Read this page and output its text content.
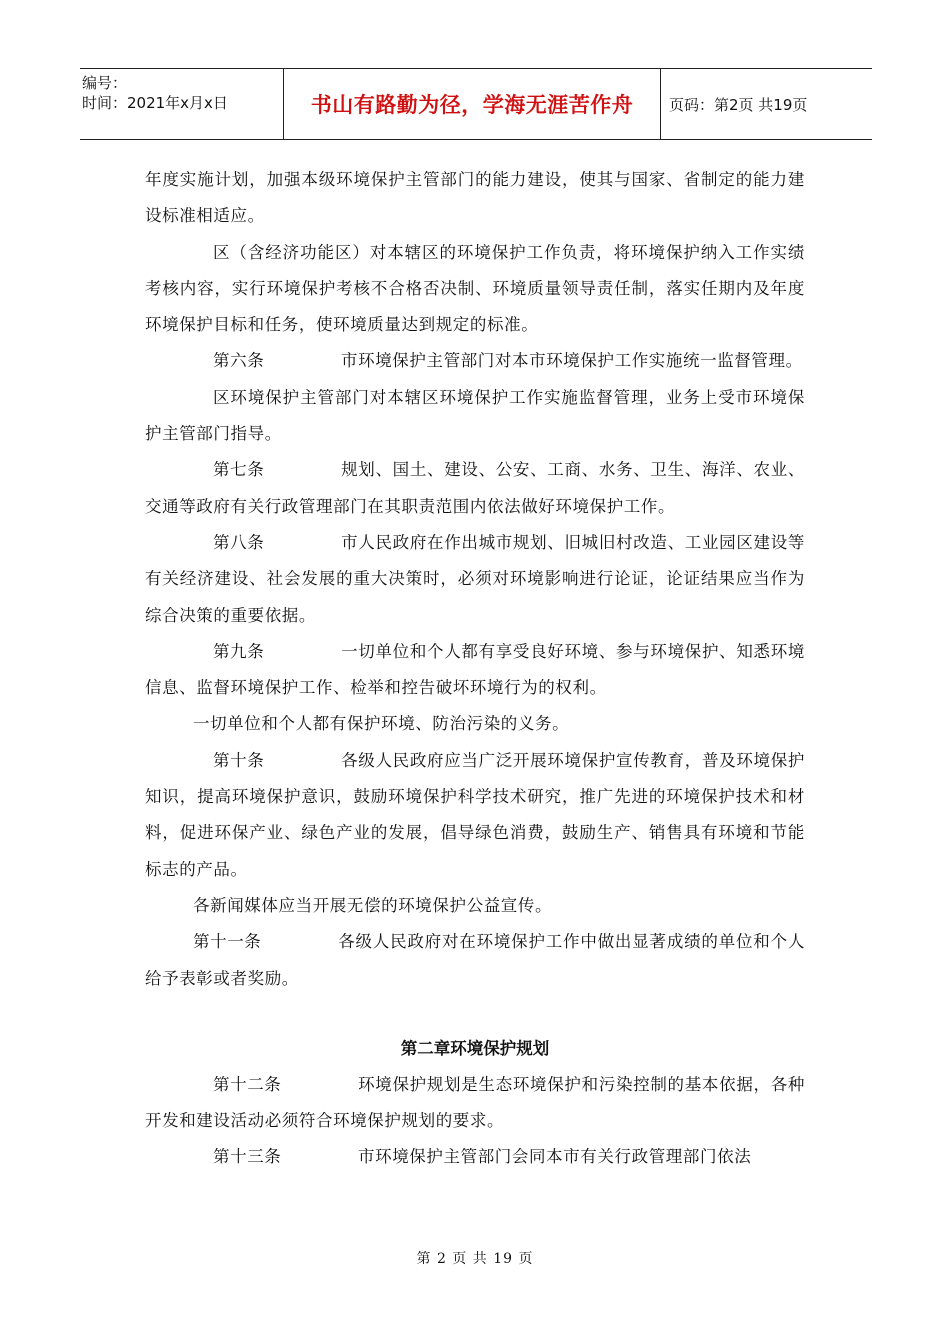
编号：
时间：2021年x月x日	书山有路勤为径，学海无涯苦作舟	页码：第2页 共19页

年度实施计划，加强本级环境保护主管部门的能力建设，使其与国家、省制定的能力建设标准相适应。

区（含经济功能区）对本辖区的环境保护工作负责，将环境保护纳入工作实绩考核内容，实行环境保护考核不合格否决制、环境质量领导责任制，落实任期内及年度环境保护目标和任务，使环境质量达到规定的标准。

第六条	市环境保护主管部门对本市环境保护工作实施统一监督管理。

区环境保护主管部门对本辖区环境保护工作实施监督管理，业务上受市环境保护主管部门指导。

第七条	规划、国土、建设、公安、工商、水务、卫生、海洋、农业、交通等政府有关行政管理部门在其职责范围内依法做好环境保护工作。

第八条	市人民政府在作出城市规划、旧城旧村改造、工业园区建设等有关经济建设、社会发展的重大决策时，必须对环境影响进行论证，论证结果应当作为综合决策的重要依据。

第九条	一切单位和个人都有享受良好环境、参与环境保护、知悉环境信息、监督环境保护工作、检举和控告破坏环境行为的权利。

一切单位和个人都有保护环境、防治污染的义务。

第十条	各级人民政府应当广泛开展环境保护宣传教育，普及环境保护知识，提高环境保护意识，鼓励环境保护科学技术研究，推广先进的环境保护技术和材料，促进环保产业、绿色产业的发展，倡导绿色消费，鼓励生产、销售具有环境和节能标志的产品。

各新闻媒体应当开展无偿的环境保护公益宣传。

第十一条	各级人民政府对在环境保护工作中做出显著成绩的单位和个人给予表彰或者奖励。

第二章环境保护规划

第十二条	环境保护规划是生态环境保护和污染控制的基本依据，各种开发和建设活动必须符合环境保护规划的要求。

第十三条	市环境保护主管部门会同本市有关行政管理部门依法

第 2 页 共 19 页
